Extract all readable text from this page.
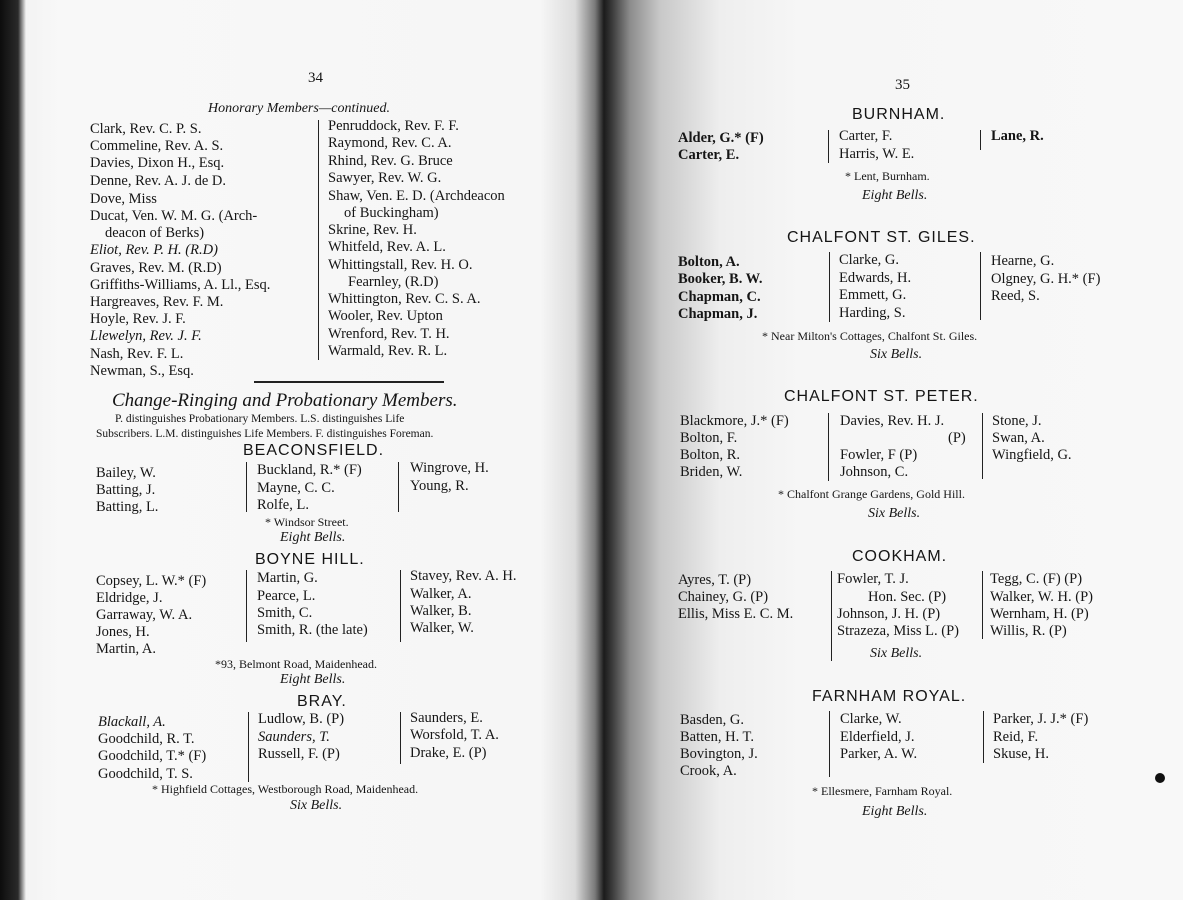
34
Honorary Members—continued.
Clark, Rev. C. P. S.
Commeline, Rev. A. S.
Davies, Dixon H., Esq.
Denne, Rev. A. J. de D.
Dove, Miss
Ducat, Ven. W. M. G. (Arch-
deacon of Berks)
Eliot, Rev. P. H. (R.D)
Graves, Rev. M. (R.D)
Griffiths-Williams, A. Ll., Esq.
Hargreaves, Rev. F. M.
Hoyle, Rev. J. F.
Llewelyn, Rev. J. F.
Nash, Rev. F. L.
Newman, S., Esq.
Penruddock, Rev. F. F.
Raymond, Rev. C. A.
Rhind, Rev. G. Bruce
Sawyer, Rev. W. G.
Shaw, Ven. E. D. (Archdeacon
of Buckingham)
Skrine, Rev. H.
Whitfeld, Rev. A. L.
Whittingstall, Rev. H. O.
Fearnley, (R.D)
Whittington, Rev. C. S. A.
Wooler, Rev. Upton
Wrenford, Rev. T. H.
Warmald, Rev. R. L.
Change-Ringing and Probationary Members.
P. distinguishes Probationary Members. L.S. distinguishes Life
Subscribers. L.M. distinguishes Life Members. F. distinguishes Foreman.
BEACONSFIELD.
Bailey, W.
Batting, J.
Batting, L.
Buckland, R.* (F)
Mayne, C. C.
Rolfe, L.
Wingrove, H.
Young, R.
* Windsor Street.
Eight Bells.
BOYNE HILL.
Copsey, L. W.* (F)
Eldridge, J.
Garraway, W. A.
Jones, H.
Martin, A.
Martin, G.
Pearce, L.
Smith, C.
Smith, R. (the late)
Stavey, Rev. A. H.
Walker, A.
Walker, B.
Walker, W.
*93, Belmont Road, Maidenhead.
Eight Bells.
BRAY.
Blackall, A.
Goodchild, R. T.
Goodchild, T.* (F)
Goodchild, T. S.
Ludlow, B. (P)
Saunders, T.
Russell, F. (P)
Saunders, E.
Worsfold, T. A.
Drake, E. (P)
* Highfield Cottages, Westborough Road, Maidenhead.
Six Bells.
35
BURNHAM.
Alder, G.* (F)
Carter, E.
Carter, F.
Harris, W. E.
Lane, R.
* Lent, Burnham.
Eight Bells.
CHALFONT ST. GILES.
Bolton, A.
Booker, B. W.
Chapman, C.
Chapman, J.
Clarke, G.
Edwards, H.
Emmett, G.
Harding, S.
Hearne, G.
Olgney, G. H.* (F)
Reed, S.
* Near Milton's Cottages, Chalfont St. Giles.
Six Bells.
CHALFONT ST. PETER.
Blackmore, J.* (F)
Bolton, F.
Bolton, R.
Briden, W.
Davies, Rev. H. J.
(P)
Fowler, F (P)
Johnson, C.
Stone, J.
Swan, A.
Wingfield, G.
* Chalfont Grange Gardens, Gold Hill.
Six Bells.
COOKHAM.
Ayres, T. (P)
Chainey, G. (P)
Ellis, Miss E. C. M.
Fowler, T. J.
Hon. Sec. (P)
Johnson, J. H. (P)
Strazeza, Miss L. (P)
Tegg, C. (F) (P)
Walker, W. H. (P)
Wernham, H. (P)
Willis, R. (P)
Six Bells.
FARNHAM ROYAL.
Basden, G.
Batten, H. T.
Bovington, J.
Crook, A.
Clarke, W.
Elderfield, J.
Parker, A. W.
Parker, J. J.* (F)
Reid, F.
Skuse, H.
* Ellesmere, Farnham Royal.
Eight Bells.
